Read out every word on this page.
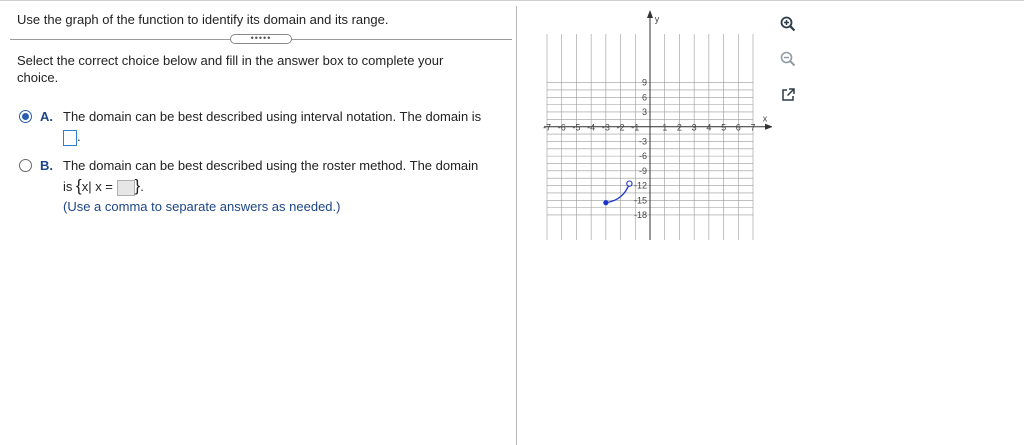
Use the graph of the function to identify its domain and its range.
•••••
Select the correct choice below and fill in the answer box to complete your choice.
A. The domain can be best described using interval notation. The domain is
.
B. The domain can be best described using the roster method. The domain
is {x| x = }.
(Use a comma to separate answers as needed.)
x
y
-7 -6 -5 -4 -3 -2 -1	1 2 3 4 5 6 7
9
6
3
-3
-6
-9
-12
-15
-18
